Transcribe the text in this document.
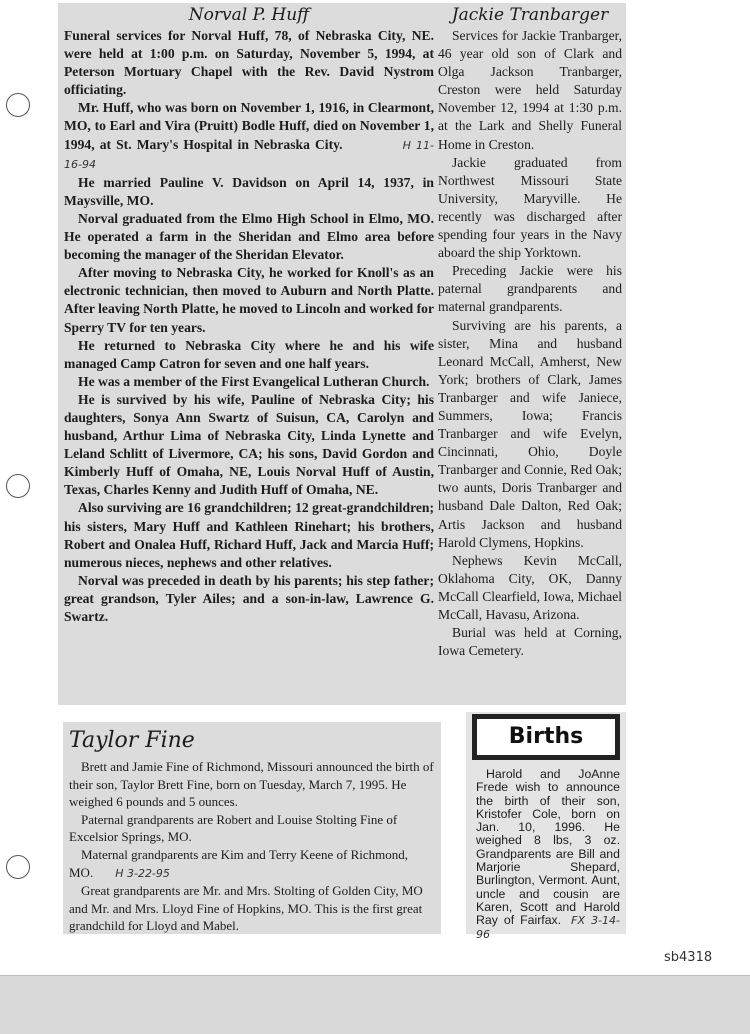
Norval P. Huff

Funeral services for Norval Huff, 78, of Nebraska City, NE. were held at 1:00 p.m. on Saturday, November 5, 1994, at Peterson Mortuary Chapel with the Rev. David Nystrom officiating.

Mr. Huff, who was born on November 1, 1916, in Clearmont, MO, to Earl and Vira (Pruitt) Bodle Huff, died on November 1, 1994, at St. Mary's Hospital in Nebraska City.	H 11-16-94

He married Pauline V. Davidson on April 14, 1937, in Maysville, MO.

Norval graduated from the Elmo High School in Elmo, MO. He operated a farm in the Sheridan and Elmo area before becoming the manager of the Sheridan Elevator.

After moving to Nebraska City, he worked for Knoll's as an electronic technician, then moved to Auburn and North Platte. After leaving North Platte, he moved to Lincoln and worked for Sperry TV for ten years.

He returned to Nebraska City where he and his wife managed Camp Catron for seven and one half years.

He was a member of the First Evangelical Lutheran Church.

He is survived by his wife, Pauline of Nebraska City; his daughters, Sonya Ann Swartz of Suisun, CA, Carolyn and husband, Arthur Lima of Nebraska City, Linda Lynette and Leland Schlitt of Livermore, CA; his sons, David Gordon and Kimberly Huff of Omaha, NE, Louis Norval Huff of Austin, Texas, Charles Kenny and Judith Huff of Omaha, NE.

Also surviving are 16 grandchildren; 12 great-grandchildren; his sisters, Mary Huff and Kathleen Rinehart; his brothers, Robert and Onalea Huff, Richard Huff, Jack and Marcia Huff; numerous nieces, nephews and other relatives.

Norval was preceded in death by his parents; his step father; great grandson, Tyler Ailes; and a son-in-law, Lawrence G. Swartz.

Jackie Tranbarger

Services for Jackie Tranbarger, 46 year old son of Clark and Olga Jackson Tranbarger, Creston were held Saturday November 12, 1994 at 1:30 p.m. at the Lark and Shelly Funeral Home in Creston.

Jackie graduated from Northwest Missouri State University, Maryville. He recently was discharged after spending four years in the Navy aboard the ship Yorktown.

Preceding Jackie were his paternal grandparents and maternal grandparents.

Surviving are his parents, a sister, Mina and husband Leonard McCall, Amherst, New York; brothers of Clark, James Tranbarger and wife Janiece, Summers, Iowa; Francis Tranbarger and wife Evelyn, Cincinnati, Ohio, Doyle Tranbarger and Connie, Red Oak; two aunts, Doris Tranbarger and husband Dale Dalton, Red Oak; Artis Jackson and husband Harold Clymens, Hopkins.

Nephews Kevin McCall, Oklahoma City, OK, Danny McCall Clearfield, Iowa, Michael McCall, Havasu, Arizona.

Burial was held at Corning, Iowa Cemetery.

Taylor Fine

Brett and Jamie Fine of Richmond, Missouri announced the birth of their son, Taylor Brett Fine, born on Tuesday, March 7, 1995. He weighed 6 pounds and 5 ounces.

Paternal grandparents are Robert and Louise Stolting Fine of Excelsior Springs, MO.

Maternal grandparents are Kim and Terry Keene of Richmond, MO. H 3-22-95

Great grandparents are Mr. and Mrs. Stolting of Golden City, MO and Mr. and Mrs. Lloyd Fine of Hopkins, MO. This is the first great grandchild for Lloyd and Mabel.

Births

Harold and JoAnne Frede wish to announce the birth of their son, Kristofer Cole, born on Jan. 10, 1996. He weighed 8 lbs, 3 oz. Grandparents are Bill and Marjorie Shepard, Burlington, Vermont. Aunt, uncle and cousin are Karen, Scott and Harold Ray of Fairfax. FX 3-14-96

sb4318
